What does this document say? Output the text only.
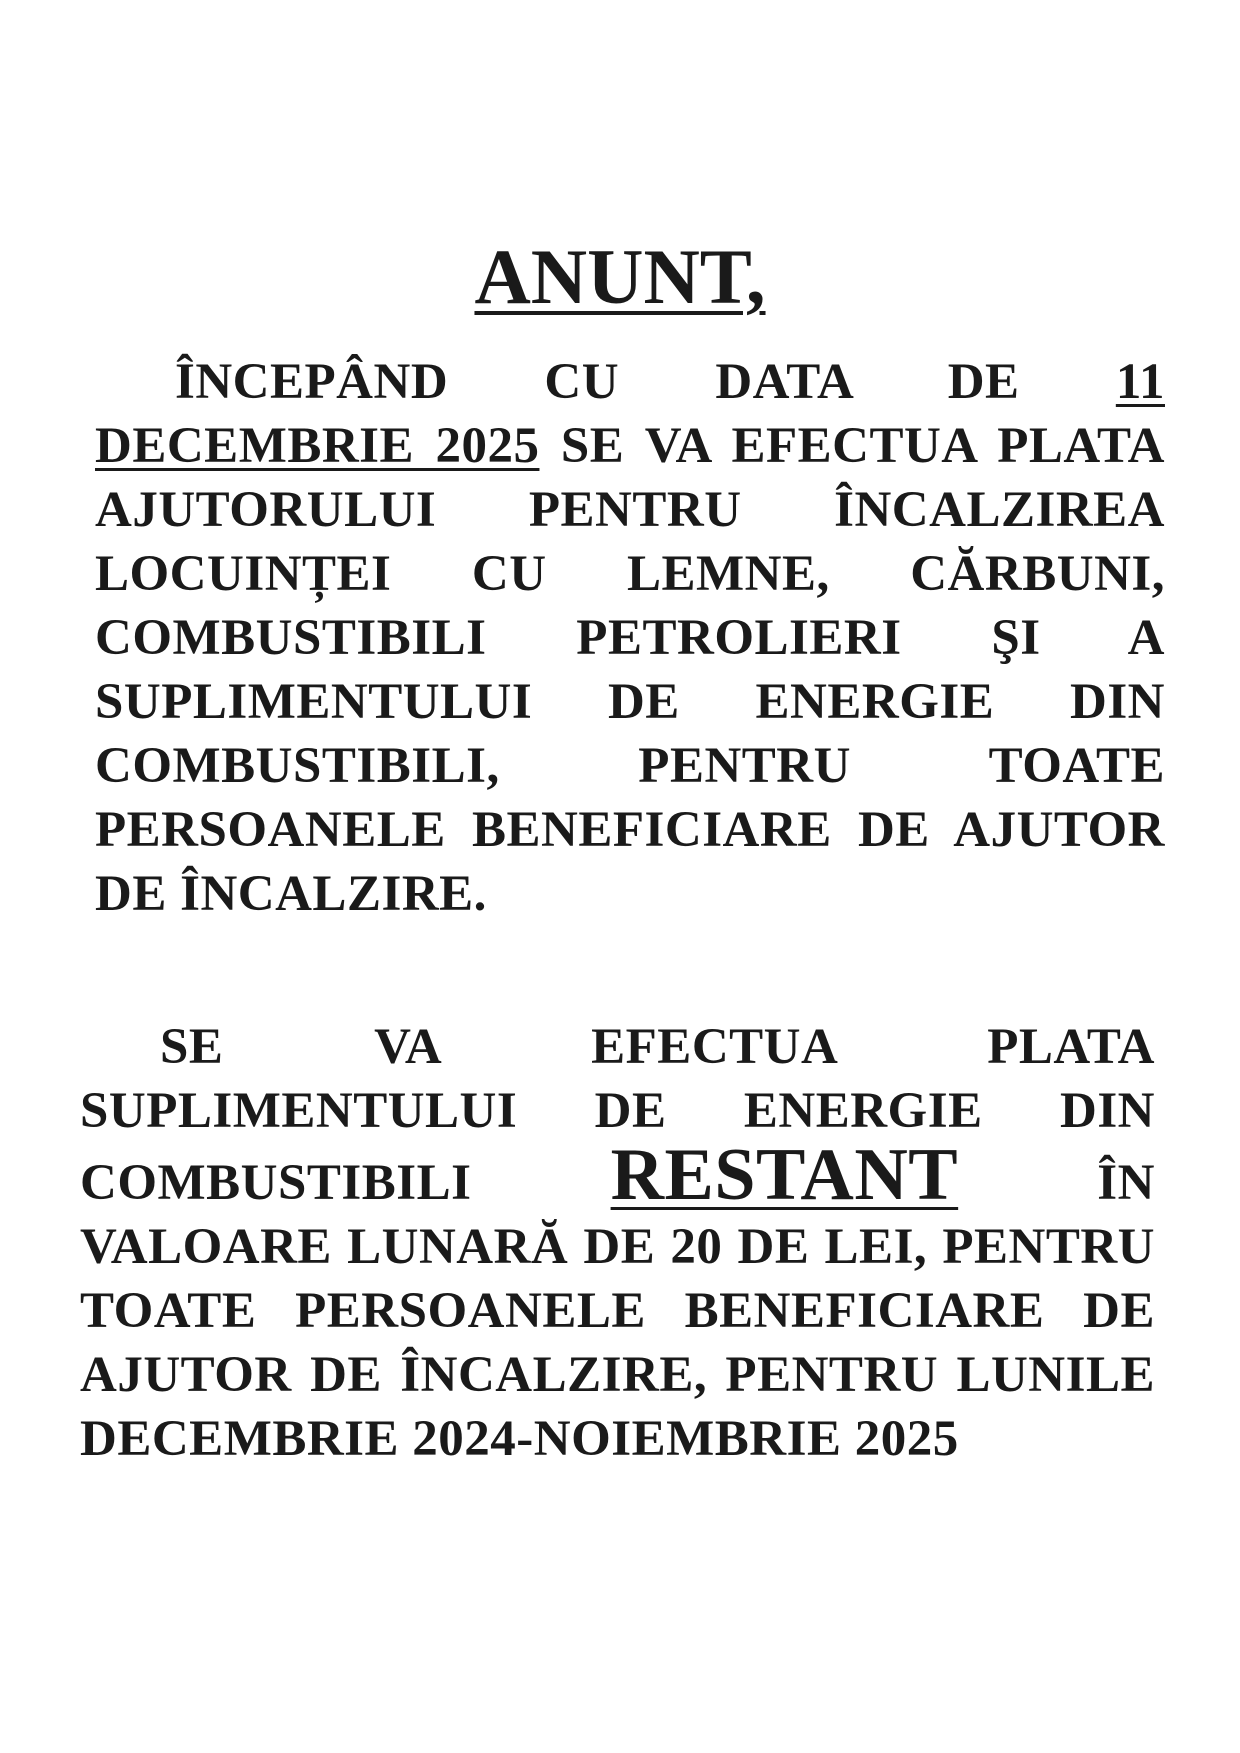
ANUNT,
ÎNCEPÂND CU DATA DE 11 DECEMBRIE 2025 SE VA EFECTUA PLATA AJUTORULUI PENTRU ÎNCALZIREA LOCUINȚEI CU LEMNE, CĂRBUNI, COMBUSTIBILI PETROLIERI ŞI A SUPLIMENTULUI DE ENERGIE DIN COMBUSTIBILI, PENTRU TOATE PERSOANELE BENEFICIARE DE AJUTOR DE ÎNCALZIRE.
SE VA EFECTUA PLATA SUPLIMENTULUI DE ENERGIE DIN COMBUSTIBILI RESTANT ÎN VALOARE LUNARĂ DE 20 DE LEI, PENTRU TOATE PERSOANELE BENEFICIARE DE AJUTOR DE ÎNCALZIRE, PENTRU LUNILE DECEMBRIE 2024-NOIEMBRIE 2025
